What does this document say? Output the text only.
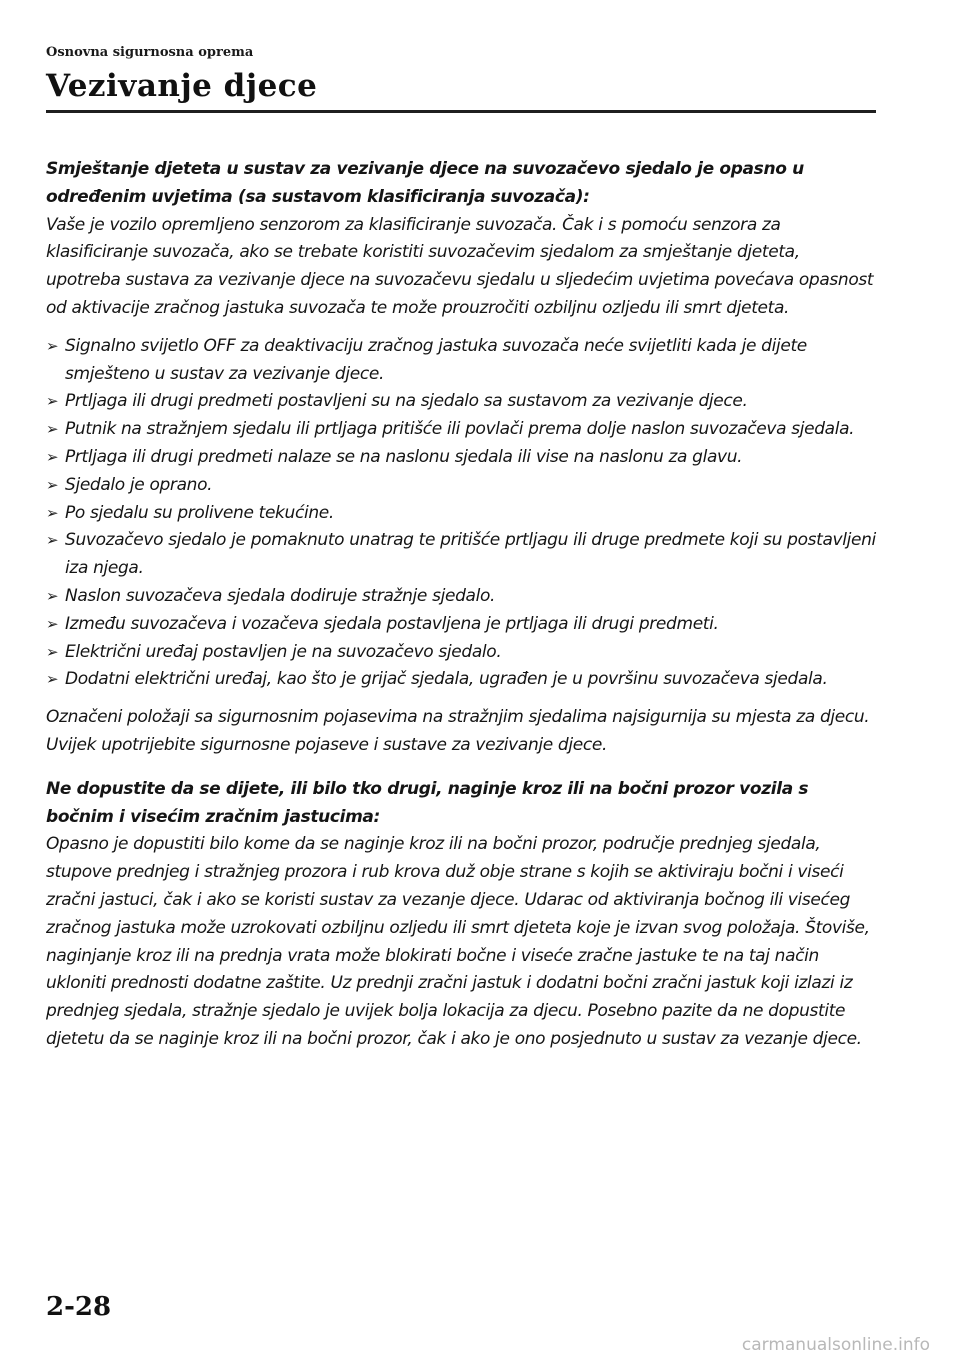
Osnovna sigurnosna oprema
Vezivanje djece

Smještanje djeteta u sustav za vezivanje djece na suvozačevo sjedalo je opasno u određenim uvjetima (sa sustavom klasificiranja suvozača):

Vaše je vozilo opremljeno senzorom za klasificiranje suvozača. Čak i s pomoću senzora za klasificiranje suvozača, ako se trebate koristiti suvozačevim sjedalom za smještanje djeteta, upotreba sustava za vezivanje djece na suvozačevu sjedalu u sljedećim uvjetima povećava opasnost od aktivacije zračnog jastuka suvozača te može prouzročiti ozbiljnu ozljedu ili smrt djeteta.

➢ Signalno svijetlo OFF za deaktivaciju zračnog jastuka suvozača neće svijetliti kada je dijete smješteno u sustav za vezivanje djece.
➢ Prtljaga ili drugi predmeti postavljeni su na sjedalo sa sustavom za vezivanje djece.
➢ Putnik na stražnjem sjedalu ili prtljaga pritišće ili povlači prema dolje naslon suvozačeva sjedala.
➢ Prtljaga ili drugi predmeti nalaze se na naslonu sjedala ili vise na naslonu za glavu.
➢ Sjedalo je oprano.
➢ Po sjedalu su prolivene tekućine.
➢ Suvozačevo sjedalo je pomaknuto unatrag te pritišće prtljagu ili druge predmete koji su postavljeni iza njega.
➢ Naslon suvozačeva sjedala dodiruje stražnje sjedalo.
➢ Između suvozačeva i vozačeva sjedala postavljena je prtljaga ili drugi predmeti.
➢ Električni uređaj postavljen je na suvozačevo sjedalo.
➢ Dodatni električni uređaj, kao što je grijač sjedala, ugrađen je u površinu suvozačeva sjedala.

Označeni položaji sa sigurnosnim pojasevima na stražnjim sjedalima najsigurnija su mjesta za djecu. Uvijek upotrijebite sigurnosne pojaseve i sustave za vezivanje djece.

Ne dopustite da se dijete, ili bilo tko drugi, naginje kroz ili na bočni prozor vozila s bočnim i visećim zračnim jastucima:

Opasno je dopustiti bilo kome da se naginje kroz ili na bočni prozor, područje prednjeg sjedala, stupove prednjeg i stražnjeg prozora i rub krova duž obje strane s kojih se aktiviraju bočni i viseći zračni jastuci, čak i ako se koristi sustav za vezanje djece. Udarac od aktiviranja bočnog ili visećeg zračnog jastuka može uzrokovati ozbiljnu ozljedu ili smrt djeteta koje je izvan svog položaja. Štoviše, naginjanje kroz ili na prednja vrata može blokirati bočne i viseće zračne jastuke te na taj način ukloniti prednosti dodatne zaštite. Uz prednji zračni jastuk i dodatni bočni zračni jastuk koji izlazi iz prednjeg sjedala, stražnje sjedalo je uvijek bolja lokacija za djecu. Posebno pazite da ne dopustite djetetu da se naginje kroz ili na bočni prozor, čak i ako je ono posjednuto u sustav za vezanje djece.

2-28
carmanualsonline.info
